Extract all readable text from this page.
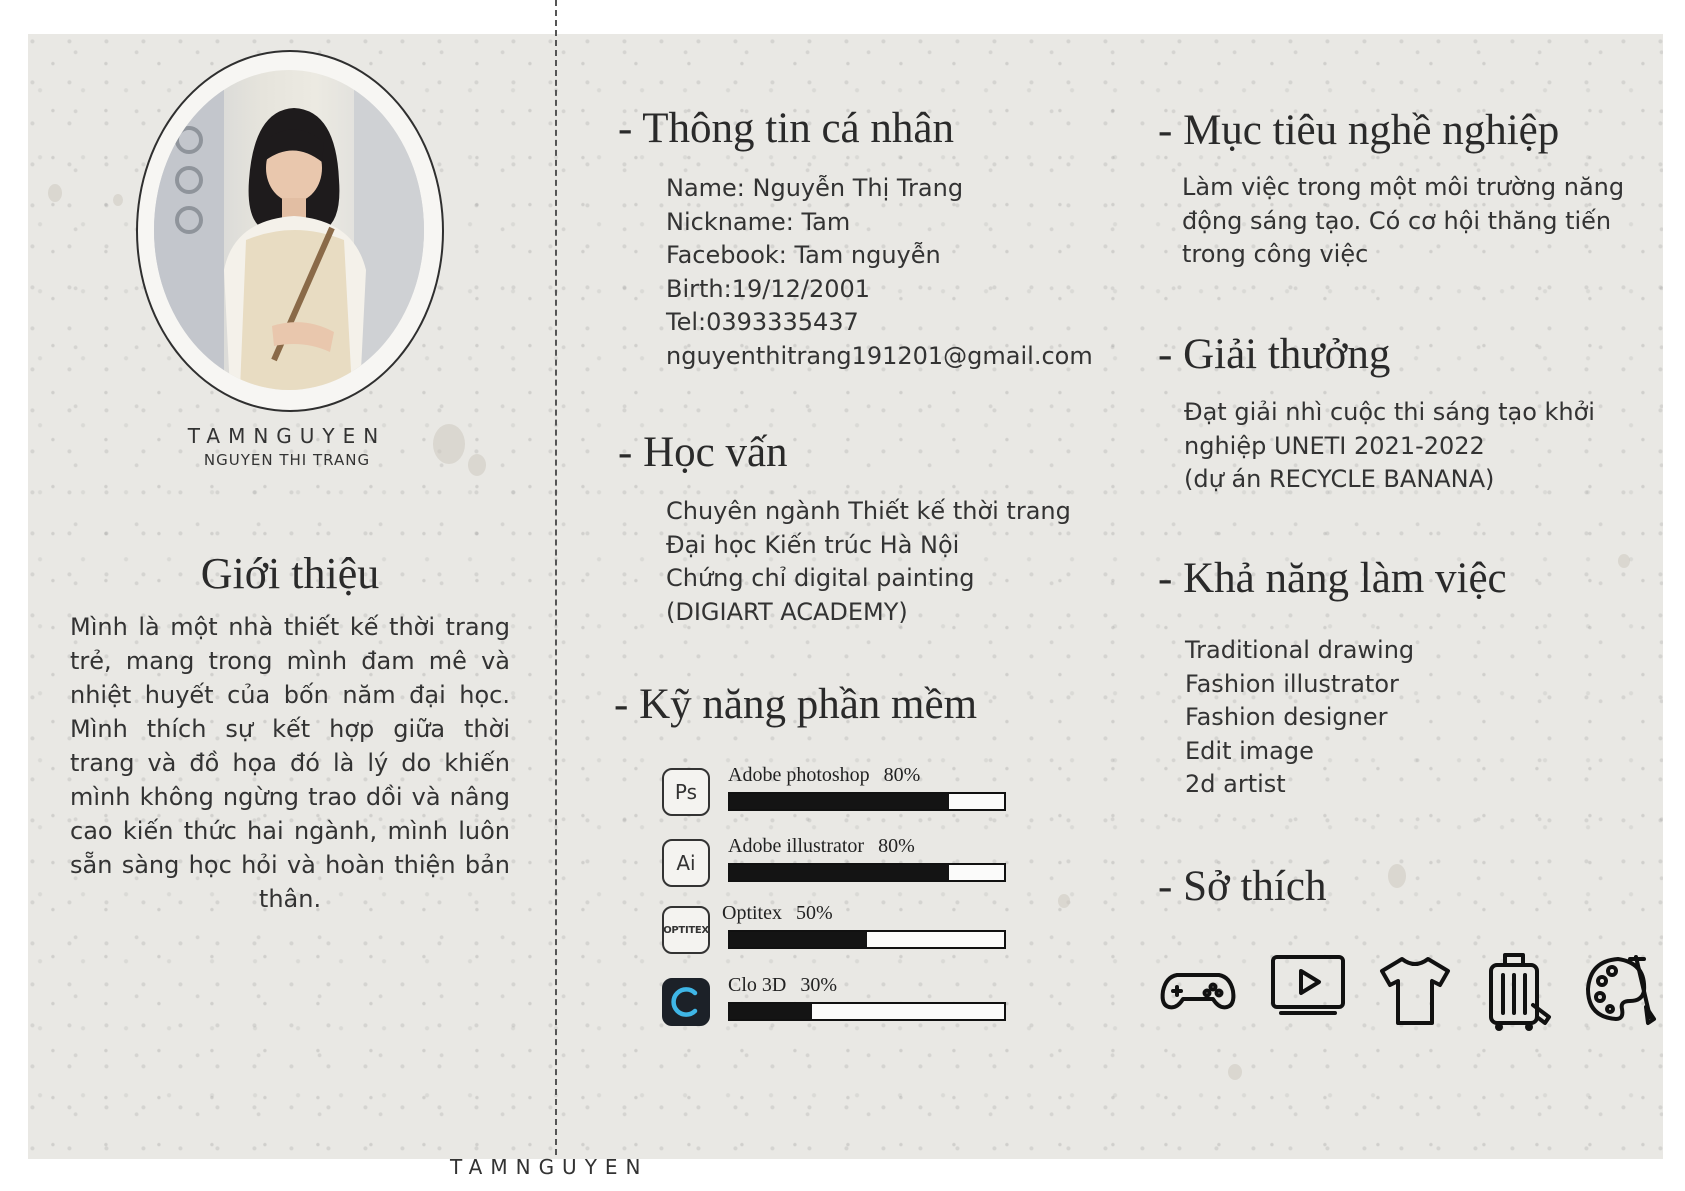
TAMNGUYEN
NGUYEN THI TRANG
Giới thiệu

Mình là một nhà thiết kế thời trang trẻ, mang trong mình đam mê và nhiệt huyết của bốn năm đại học. Mình thích sự kết hợp giữa thời trang và đồ họa đó là lý do khiến mình không ngừng trao dồi và nâng cao kiến thức hai ngành, mình luôn sẵn sàng học hỏi và hoàn thiện bản thân.

- Thông tin cá nhân
Name: Nguyễn Thị Trang
Nickname: Tam
Facebook: Tam nguyễn
Birth:19/12/2001
Tel:0393335437
nguyenthitrang191201@gmail.com
- Học vấn
Chuyên ngành Thiết kế thời trang
Đại học Kiến trúc Hà Nội
Chứng chỉ digital painting
(DIGIART ACADEMY)
- Kỹ năng phần mềm
Ps
Adobe photoshop 80%
Ai
Adobe illustrator 80%
OPTITEX
Optitex 50%
Clo 3D 30%
- Mục tiêu nghề nghiệp
Làm việc trong một môi trường năng
động sáng tạo. Có cơ hội thăng tiến
trong công việc
- Giải thưởng
Đạt giải nhì cuộc thi sáng tạo khởi
nghiệp UNETI 2021-2022
(dự án RECYCLE BANANA)
- Khả năng làm việc
Traditional drawing
Fashion illustrator
Fashion designer
Edit image
2d artist
- Sở thích
TAMNGUYEN
